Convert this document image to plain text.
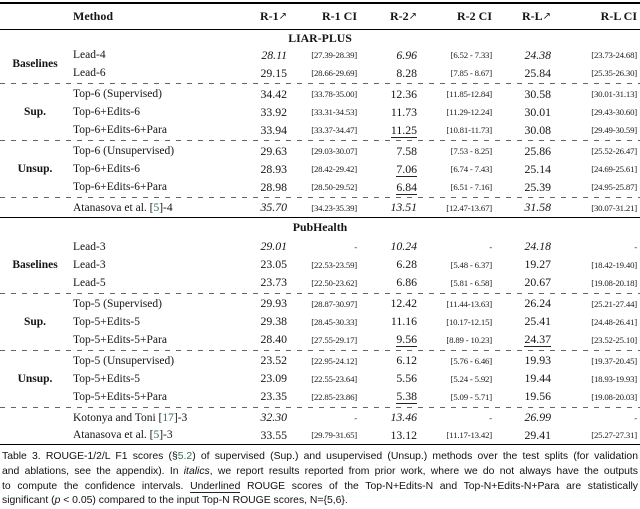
	Method	R-1↗	R-1 CI	R-2↗	R-2 CI	R-L↗	R-L CI
LIAR-PLUS							
Baselines	Lead-4	28.11	[27.39-28.39]	6.96	[6.52 - 7.33]	24.38	[23.73-24.68]
	Lead-6	29.15	[28.66-29.69]	8.28	[7.85 - 8.67]	25.84	[25.35-26.30]

Sup.	Top-6 (Supervised)	34.42	[33.78-35.00]	12.36	[11.85-12.84]	30.58	[30.01-31.13]
	Top-6+Edits-6	33.92	[33.31-34.53]	11.73	[11.29-12.24]	30.01	[29.43-30.60]
	Top-6+Edits-6+Para	33.94	[33.37-34.47]	11.25	[10.81-11.73]	30.08	[29.49-30.59]

Unsup.	Top-6 (Unsupervised)	29.63	[29.03-30.07]	7.58	[7.53 - 8.25]	25.86	[25.52-26.47]
	Top-6+Edits-6	28.93	[28.42-29.42]	7.06	[6.74 - 7.43]	25.14	[24.69-25.61]
	Top-6+Edits-6+Para	28.98	[28.50-29.52]	6.84	[6.51 - 7.16]	25.39	[24.95-25.87]

	Atanasova et al. [5]-4	35.70	[34.23-35.39]	13.51	[12.47-13.67]	31.58	[30.07-31.21]
PubHealth							
Baselines	Lead-3	29.01	-	10.24	-	24.18	-
	Lead-3	23.05	[22.53-23.59]	6.28	[5.48 - 6.37]	19.27	[18.42-19.40]
	Lead-5	23.73	[22.50-23.62]	6.86	[5.81 - 6.58]	20.67	[19.08-20.18]

Sup.	Top-5 (Supervised)	29.93	[28.87-30.97]	12.42	[11.44-13.63]	26.24	[25.21-27.44]
	Top-5+Edits-5	29.38	[28.45-30.33]	11.16	[10.17-12.15]	25.41	[24.48-26.41]
	Top-5+Edits-5+Para	28.40	[27.55-29.17]	9.56	[8.89 - 10.23]	24.37	[23.52-25.10]

Unsup.	Top-5 (Unsupervised)	23.52	[22.95-24.12]	6.12	[5.76 - 6.46]	19.93	[19.37-20.45]
	Top-5+Edits-5	23.09	[22.55-23.64]	5.56	[5.24 - 5.92]	19.44	[18.93-19.93]
	Top-5+Edits-5+Para	23.35	[22.85-23.86]	5.38	[5.09 - 5.71]	19.56	[19.08-20.03]

	Kotonya and Toni [17]-3	32.30	-	13.46	-	26.99	-
	Atanasova et al. [5]-3	33.55	[29.79-31.65]	13.12	[11.17-13.42]	29.41	[25.27-27.31]
Table 3. ROUGE-1/2/L F1 scores (§5.2) of supervised (Sup.) and usupervised (Unsup.) methods over the test splits (for validation
and ablations, see the appendix). In italics, we report results reported from prior work, where we do not always have the outputs
to compute the confidence intervals. Underlined ROUGE scores of the Top-N+Edits-N and Top-N+Edits-N+Para are statistically
significant (p < 0.05) compared to the input Top-N ROUGE scores, N={5,6}.
